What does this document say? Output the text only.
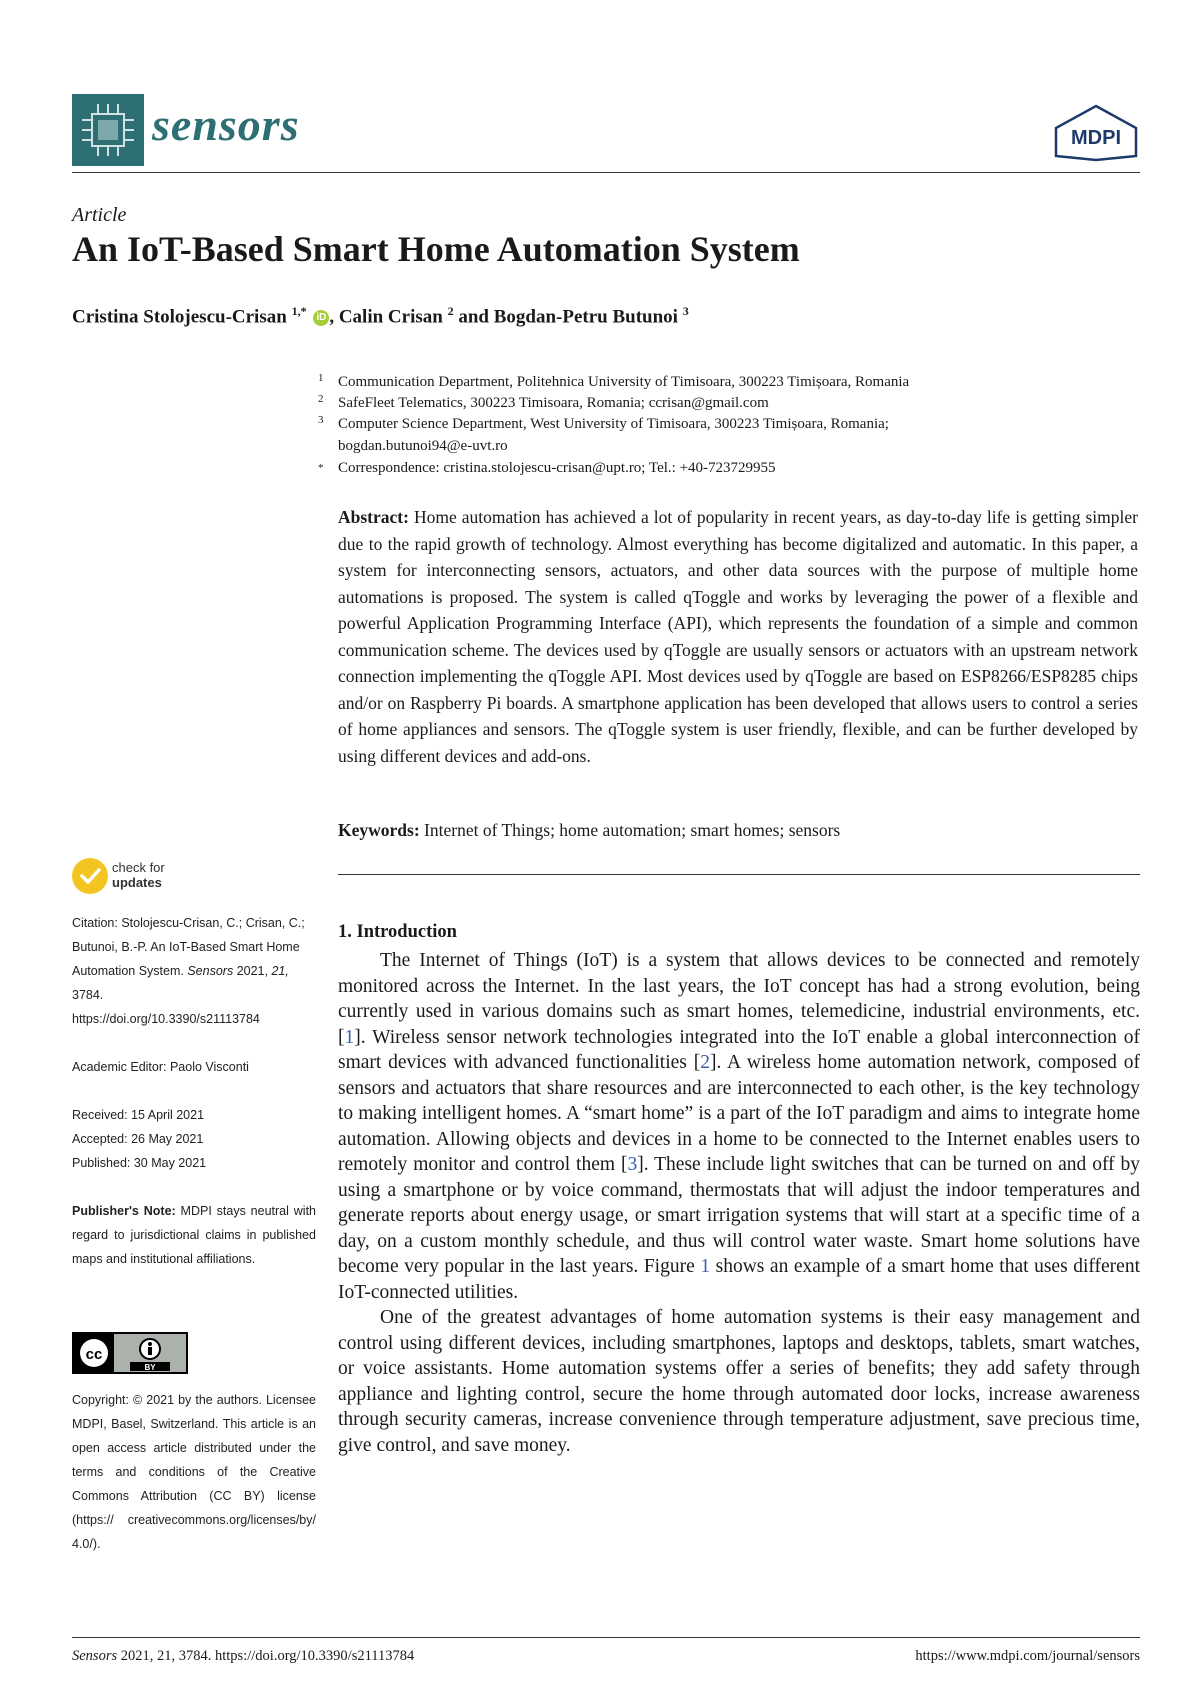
sensors	MDPI
Article
An IoT-Based Smart Home Automation System
Cristina Stolojescu-Crisan $^{1,*}$ iD , Calin Crisan $^2$ and Bogdan-Petru Butunoi $^3$
1 Communication Department, Politehnica University of Timisoara, 300223 Timișoara, Romania
2 SafeFleet Telematics, 300223 Timisoara, Romania; ccrisan@gmail.com
3 Computer Science Department, West University of Timisoara, 300223 Timișoara, Romania;
bogdan.butunoi94@e-uvt.ro
* Correspondence: cristina.stolojescu-crisan@upt.ro; Tel.: +40-723729955
Abstract: Home automation has achieved a lot of popularity in recent years, as day-to-day life is getting simpler due to the rapid growth of technology. Almost everything has become digitalized and automatic. In this paper, a system for interconnecting sensors, actuators, and other data sources with the purpose of multiple home automations is proposed. The system is called qToggle and works by leveraging the power of a flexible and powerful Application Programming Interface (API), which represents the foundation of a simple and common communication scheme. The devices used by qToggle are usually sensors or actuators with an upstream network connection implementing the qToggle API. Most devices used by qToggle are based on ESP8266/ESP8285 chips and/or on Raspberry Pi boards. A smartphone application has been developed that allows users to control a series of home appliances and sensors. The qToggle system is user friendly, flexible, and can be further developed by using different devices and add-ons.
Keywords: Internet of Things; home automation; smart homes; sensors
check for
updates
Citation: Stolojescu-Crisan, C.; Crisan, C.; Butunoi, B.-P. An IoT-Based Smart Home Automation System. Sensors 2021, 21, 3784.
https://doi.org/10.3390/s21113784
Academic Editor: Paolo Visconti
Received: 15 April 2021
Accepted: 26 May 2021
Published: 30 May 2021
Publisher's Note: MDPI stays neutral with regard to jurisdictional claims in published maps and institutional affiliations.
cc
BY
Copyright: © 2021 by the authors. Licensee MDPI, Basel, Switzerland. This article is an open access article distributed under the terms and conditions of the Creative Commons Attribution (CC BY) license (https:// creativecommons.org/licenses/by/ 4.0/).
1. Introduction

The Internet of Things (IoT) is a system that allows devices to be connected and remotely monitored across the Internet. In the last years, the IoT concept has had a strong evolution, being currently used in various domains such as smart homes, telemedicine, industrial environments, etc. [1]. Wireless sensor network technologies integrated into the IoT enable a global interconnection of smart devices with advanced functionalities [2]. A wireless home automation network, composed of sensors and actuators that share resources and are interconnected to each other, is the key technology to making intelligent homes. A “smart home” is a part of the IoT paradigm and aims to integrate home automation. Allowing objects and devices in a home to be connected to the Internet enables users to remotely monitor and control them [3]. These include light switches that can be turned on and off by using a smartphone or by voice command, thermostats that will adjust the indoor temperatures and generate reports about energy usage, or smart irrigation systems that will start at a specific time of a day, on a custom monthly schedule, and thus will control water waste. Smart home solutions have become very popular in the last years. Figure 1 shows an example of a smart home that uses different IoT-connected utilities.

One of the greatest advantages of home automation systems is their easy management and control using different devices, including smartphones, laptops and desktops, tablets, smart watches, or voice assistants. Home automation systems offer a series of benefits; they add safety through appliance and lighting control, secure the home through automated door locks, increase awareness through security cameras, increase convenience through temperature adjustment, save precious time, give control, and save money.

Sensors 2021, 21, 3784. https://doi.org/10.3390/s21113784	https://www.mdpi.com/journal/sensors
